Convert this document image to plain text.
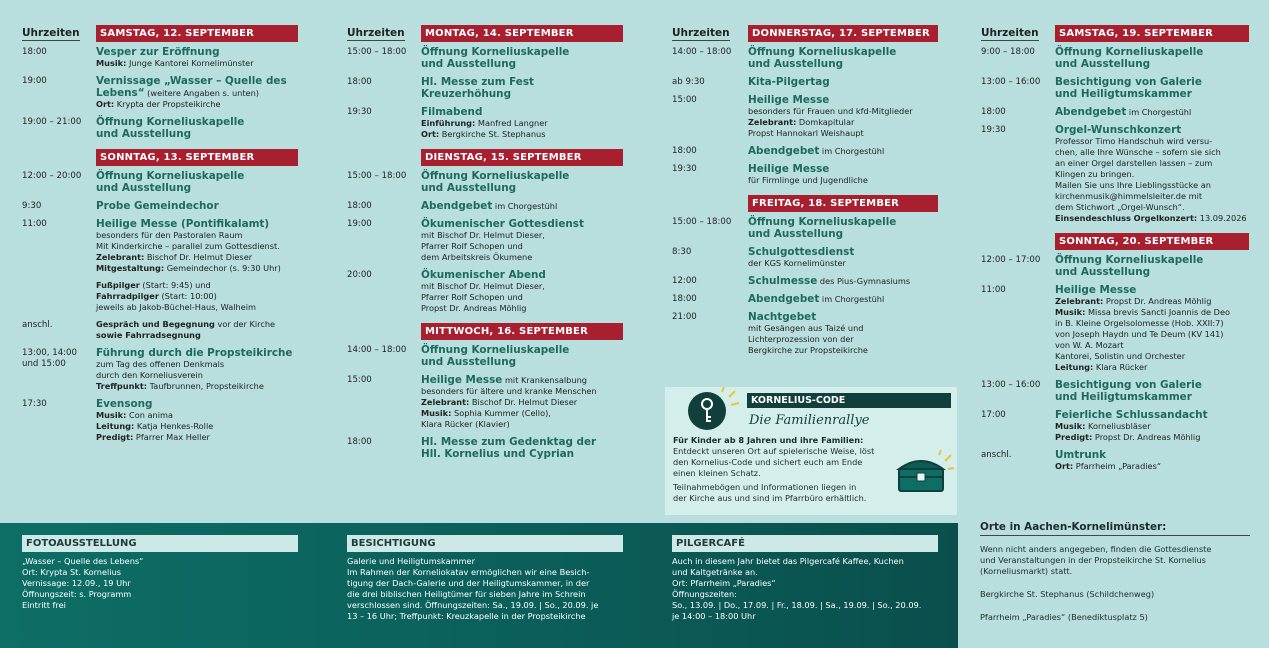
Uhrzeiten	SAMSTAG, 12. SEPTEMBER
18:00	Vesper zur Eröffnung
Musik: Junge Kantorei Kornelimünster
19:00	Vernissage „Wasser – Quelle des
Lebens“ (weitere Angaben s. unten)
Ort: Krypta der Propsteikirche
19:00 – 21:00 Öffnung Korneliuskapelle
und Ausstellung
SONNTAG, 13. SEPTEMBER
12:00 – 20:00 Öffnung Korneliuskapelle
und Ausstellung
9:30	Probe Gemeindechor
11:00	Heilige Messe (Pontifikalamt)
besonders für den Pastoralen Raum
Mit Kinderkirche – parallel zum Gottesdienst.
Zelebrant: Bischof Dr. Helmut Dieser
Mitgestaltung: Gemeindechor (s. 9:30 Uhr)
Fußpilger (Start: 9:45) und
Fahrradpilger (Start: 10:00)
jeweils ab Jakob-Büchel-Haus, Walheim
anschl.	Gespräch und Begegnung vor der Kirche
sowie Fahrradsegnung
13:00, 14:00
und 15:00
Führung durch die Propsteikirche
zum Tag des offenen Denkmals
durch den Korneliusverein
Treffpunkt: Taufbrunnen, Propsteikirche
17:30	Evensong
Musik: Con anima
Leitung: Katja Henkes-Rolle
Predigt: Pfarrer Max Heller
Uhrzeiten	MONTAG, 14. SEPTEMBER
15:00 – 18:00 Öffnung Korneliuskapelle
und Ausstellung
18:00	Hl. Messe zum Fest Kreuzerhöhung
19:30	Filmabend
Einführung: Manfred Langner
Ort: Bergkirche St. Stephanus
DIENSTAG, 15. SEPTEMBER
15:00 – 18:00 Öffnung Korneliuskapelle
und Ausstellung
18:00	Abendgebet im Chorgestühl
19:00	Ökumenischer Gottesdienst
mit Bischof Dr. Helmut Dieser,
Pfarrer Rolf Schopen und
dem Arbeitskreis Ökumene
20:00	Ökumenischer Abend
mit Bischof Dr. Helmut Dieser,
Pfarrer Rolf Schopen und
Propst Dr. Andreas Möhlig
MITTWOCH, 16. SEPTEMBER
14:00 – 18:00 Öffnung Korneliuskapelle
und Ausstellung
15:00	Heilige Messe mit Krankensalbung
besonders für ältere und kranke Menschen
Zelebrant: Bischof Dr. Helmut Dieser
Musik: Sophia Kummer (Cello),
Klara Rücker (Klavier)
18:00	Hl. Messe zum Gedenktag der
Hll. Kornelius und Cyprian
Uhrzeiten	DONNERSTAG, 17. SEPTEMBER
14:00 – 18:00 Öffnung Korneliuskapelle
und Ausstellung
ab 9:30	Kita-Pilgertag
15:00	Heilige Messe
besonders für Frauen und kfd-Mitglieder
Zelebrant: Domkapitular
Propst Hannokarl Weishaupt
18:00	Abendgebet im Chorgestühl
19:30	Heilige Messe
für Firmlinge und Jugendliche
FREITAG, 18. SEPTEMBER
15:00 – 18:00 Öffnung Korneliuskapelle
und Ausstellung
8:30	Schulgottesdienst
der KGS Kornelimünster
12:00	Schulmesse des Pius-Gymnasiums
18:00	Abendgebet im Chorgestühl
21:00	Nachtgebet
mit Gesängen aus Taizé und
Lichterprozession von der
Bergkirche zur Propsteikirche
Uhrzeiten	SAMSTAG, 19. SEPTEMBER
9:00 – 18:00 Öffnung Korneliuskapelle
und Ausstellung
13:00 – 16:00 Besichtigung von Galerie
und Heiligtumskammer
18:00	Abendgebet im Chorgestühl
19:30	Orgel-Wunschkonzert
Professor Timo Handschuh wird versu-
chen, alle Ihre Wünsche – sofern sie sich
an einer Orgel darstellen lassen – zum
Klingen zu bringen.
Mailen Sie uns Ihre Lieblingsstücke an
kirchenmusik@himmelsleiter.de mit
dem Stichwort „Orgel-Wunsch“.
Einsendeschluss Orgelkonzert: 13.09.2026
SONNTAG, 20. SEPTEMBER
12:00 – 17:00 Öffnung Korneliuskapelle
und Ausstellung
11:00	Heilige Messe
Zelebrant: Propst Dr. Andreas Möhlig
Musik: Missa brevis Sancti Joannis de Deo
in B. Kleine Orgelsolomesse (Hob. XXII:7)
von Joseph Haydn und Te Deum (KV 141)
von W. A. Mozart
Kantorei, Solistin und Orchester
Leitung: Klara Rücker
13:00 – 16:00 Besichtigung von Galerie
und Heiligtumskammer
17:00	Feierliche Schlussandacht
Musik: Korneliusbläser
Predigt: Propst Dr. Andreas Möhlig
anschl.	Umtrunk
Ort: Pfarrheim „Paradies“
KORNELIUS-CODE
Die Familienrallye
Für Kinder ab 8 Jahren und ihre Familien:
Entdeckt unseren Ort auf spielerische Weise, löst
den Kornelius-Code und sichert euch am Ende
einen kleinen Schatz.

Teilnahmebögen und Informationen liegen in
der Kirche aus und sind im Pfarrbüro erhältlich.
FOTOAUSSTELLUNG
„Wasser – Quelle des Lebens“
Ort: Krypta St. Kornelius
Vernissage: 12.09., 19 Uhr
Öffnungszeit: s. Programm
Eintritt frei
BESICHTIGUNG
Galerie und Heiligtumskammer
Im Rahmen der Korneliokatav ermöglichen wir eine Besich-
tigung der Dach-Galerie und der Heiligtumskammer, in der
die drei biblischen Heiligtümer für sieben Jahre im Schrein
verschlossen sind. Öffnungszeiten: Sa., 19.09. | So., 20.09. je
13 – 16 Uhr; Treffpunkt: Kreuzkapelle in der Propsteikirche
PILGERCAFÉ
Auch in diesem Jahr bietet das Pilgercafé Kaffee, Kuchen
und Kaltgetränke an.
Ort: Pfarrheim „Paradies“
Öffnungszeiten:
So., 13.09. | Do., 17.09. | Fr., 18.09. | Sa., 19.09. | So., 20.09.
je 14:00 – 18:00 Uhr
Orte in Aachen-Kornelimünster:
Wenn nicht anders angegeben, finden die Gottesdienste
und Veranstaltungen in der Propsteikirche St. Kornelius
(Korneliusmarkt) statt.
Bergkirche St. Stephanus (Schildchenweg)
Pfarrheim „Paradies“ (Benediktusplatz 5)
